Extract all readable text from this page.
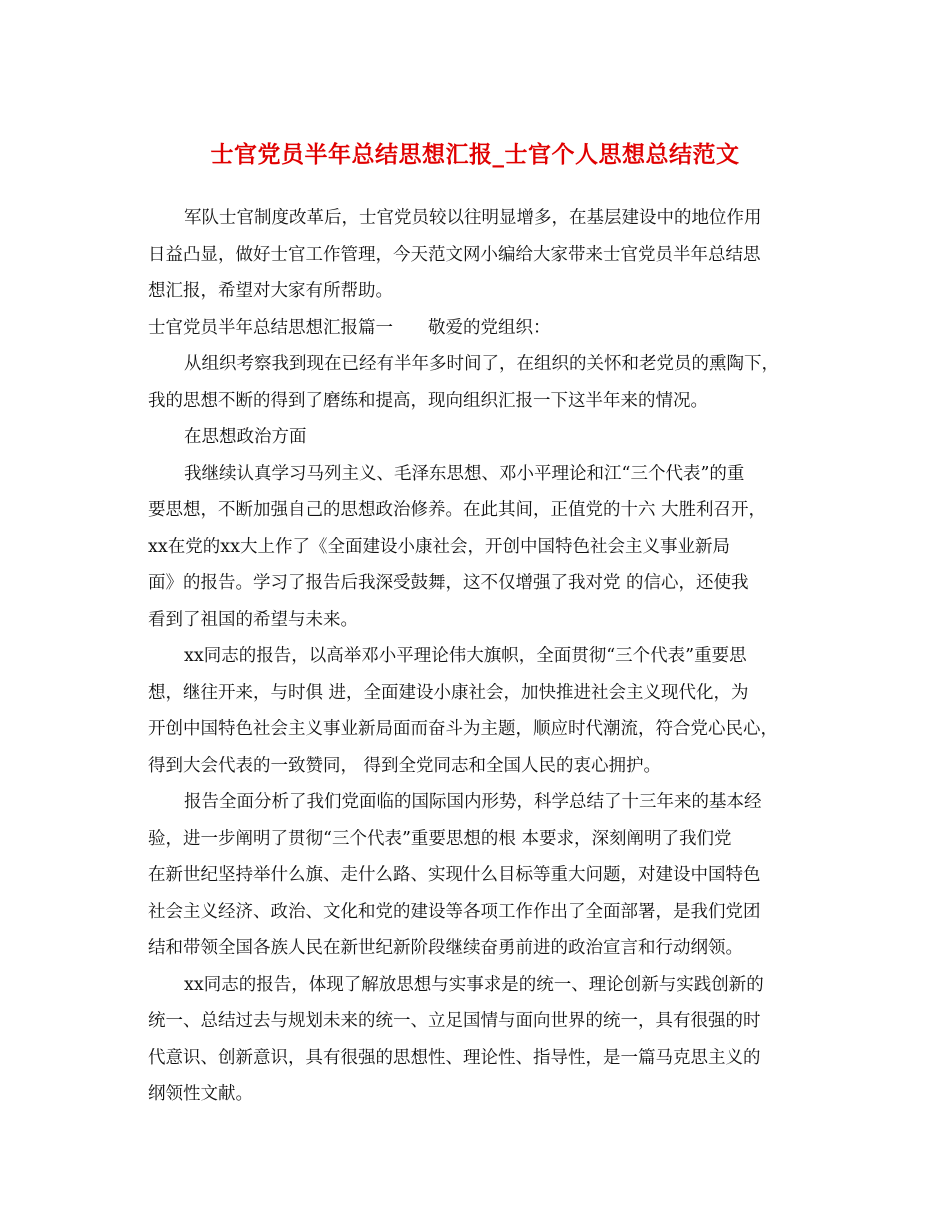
士官党员半年总结思想汇报_士官个人思想总结范文
军队士官制度改革后，士官党员较以往明显增多，在基层建设中的地位作用
日益凸显，做好士官工作管理，今天范文网小编给大家带来士官党员半年总结思
想汇报，希望对大家有所帮助。
士官党员半年总结思想汇报篇一　　敬爱的党组织：
从组织考察我到现在已经有半年多时间了，在组织的关怀和老党员的熏陶下，
我的思想不断的得到了磨练和提高，现向组织汇报一下这半年来的情况。
在思想政治方面
我继续认真学习马列主义、毛泽东思想、邓小平理论和江“三个代表”的重
要思想，不断加强自己的思想政治修养。在此其间，正值党的十六 大胜利召开，
xx在党的xx大上作了《全面建设小康社会，开创中国特色社会主义事业新局
面》的报告。学习了报告后我深受鼓舞，这不仅增强了我对党 的信心，还使我
看到了祖国的希望与未来。
xx同志的报告，以高举邓小平理论伟大旗帜，全面贯彻“三个代表”重要思
想，继往开来，与时俱 进，全面建设小康社会，加快推进社会主义现代化，为
开创中国特色社会主义事业新局面而奋斗为主题，顺应时代潮流，符合党心民心，
得到大会代表的一致赞同， 得到全党同志和全国人民的衷心拥护。
报告全面分析了我们党面临的国际国内形势，科学总结了十三年来的基本经
验，进一步阐明了贯彻“三个代表”重要思想的根 本要求，深刻阐明了我们党
在新世纪坚持举什么旗、走什么路、实现什么目标等重大问题，对建设中国特色
社会主义经济、政治、文化和党的建设等各项工作作出了全面部署，是我们党团
结和带领全国各族人民在新世纪新阶段继续奋勇前进的政治宣言和行动纲领。
xx同志的报告，体现了解放思想与实事求是的统一、理论创新与实践创新的
统一、总结过去与规划未来的统一、立足国情与面向世界的统一，具有很强的时
代意识、创新意识，具有很强的思想性、理论性、指导性，是一篇马克思主义的
纲领性文献。
